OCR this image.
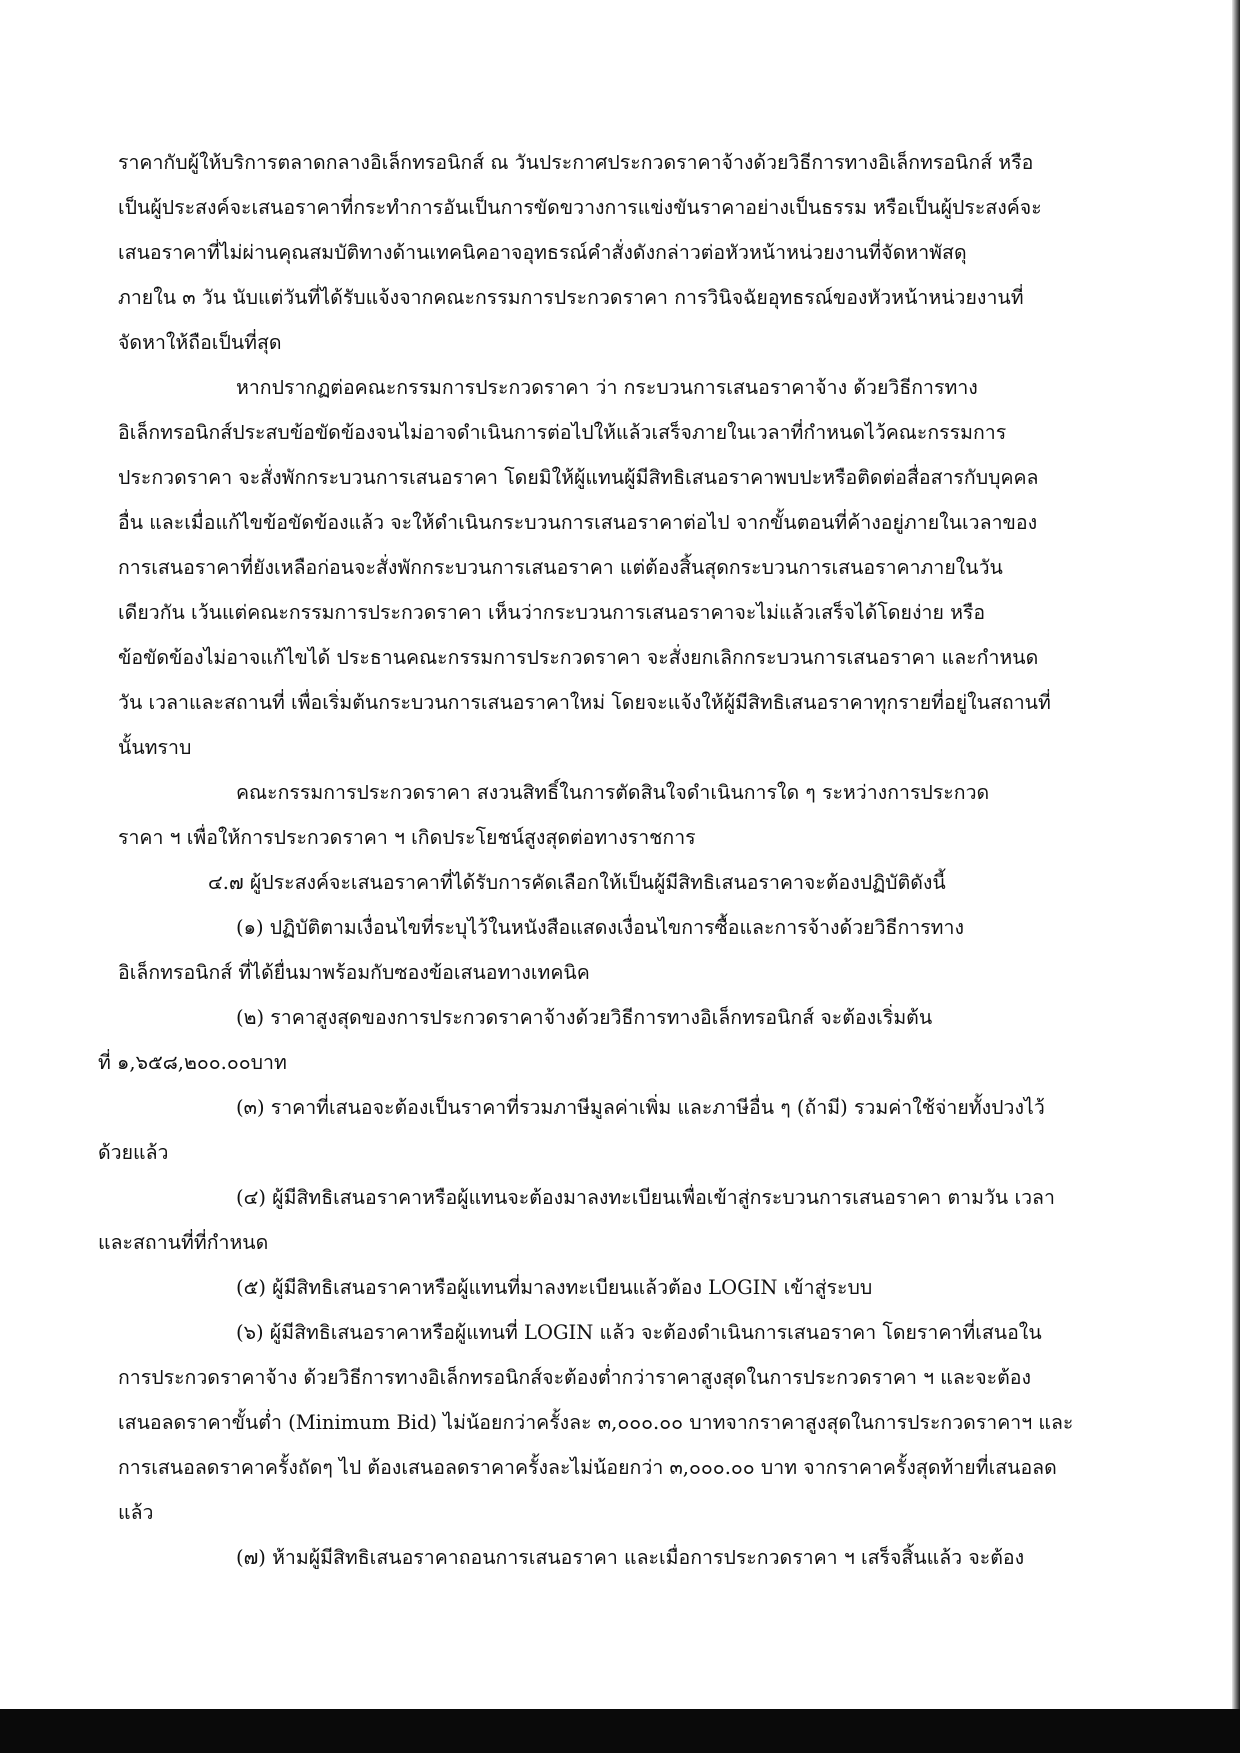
ราคากับผู้ให้บริการตลาดกลางอิเล็กทรอนิกส์ ณ วันประกาศประกวดราคาจ้างด้วยวิธีการทางอิเล็กทรอนิกส์ หรือ
เป็นผู้ประสงค์จะเสนอราคาที่กระทำการอันเป็นการขัดขวางการแข่งขันราคาอย่างเป็นธรรม หรือเป็นผู้ประสงค์จะ
เสนอราคาที่ไม่ผ่านคุณสมบัติทางด้านเทคนิคอาจอุทธรณ์คำสั่งดังกล่าวต่อหัวหน้าหน่วยงานที่จัดหาพัสดุ
ภายใน ๓ วัน นับแต่วันที่ได้รับแจ้งจากคณะกรรมการประกวดราคา การวินิจฉัยอุทธรณ์ของหัวหน้าหน่วยงานที่
จัดหาให้ถือเป็นที่สุด
หากปรากฏต่อคณะกรรมการประกวดราคา ว่า กระบวนการเสนอราคาจ้าง ด้วยวิธีการทาง
อิเล็กทรอนิกส์ประสบข้อขัดข้องจนไม่อาจดำเนินการต่อไปให้แล้วเสร็จภายในเวลาที่กำหนดไว้คณะกรรมการ
ประกวดราคา จะสั่งพักกระบวนการเสนอราคา โดยมิให้ผู้แทนผู้มีสิทธิเสนอราคาพบปะหรือติดต่อสื่อสารกับบุคคล
อื่น และเมื่อแก้ไขข้อขัดข้องแล้ว จะให้ดำเนินกระบวนการเสนอราคาต่อไป จากขั้นตอนที่ค้างอยู่ภายในเวลาของ
การเสนอราคาที่ยังเหลือก่อนจะสั่งพักกระบวนการเสนอราคา แต่ต้องสิ้นสุดกระบวนการเสนอราคาภายในวัน
เดียวกัน เว้นแต่คณะกรรมการประกวดราคา เห็นว่ากระบวนการเสนอราคาจะไม่แล้วเสร็จได้โดยง่าย หรือ
ข้อขัดข้องไม่อาจแก้ไขได้ ประธานคณะกรรมการประกวดราคา จะสั่งยกเลิกกระบวนการเสนอราคา และกำหนด
วัน เวลาและสถานที่ เพื่อเริ่มต้นกระบวนการเสนอราคาใหม่ โดยจะแจ้งให้ผู้มีสิทธิเสนอราคาทุกรายที่อยู่ในสถานที่
นั้นทราบ
คณะกรรมการประกวดราคา สงวนสิทธิ์ในการตัดสินใจดำเนินการใด ๆ ระหว่างการประกวด
ราคา ฯ เพื่อให้การประกวดราคา ฯ เกิดประโยชน์สูงสุดต่อทางราชการ
๔.๗ ผู้ประสงค์จะเสนอราคาที่ได้รับการคัดเลือกให้เป็นผู้มีสิทธิเสนอราคาจะต้องปฏิบัติดังนี้
(๑) ปฏิบัติตามเงื่อนไขที่ระบุไว้ในหนังสือแสดงเงื่อนไขการซื้อและการจ้างด้วยวิธีการทาง
อิเล็กทรอนิกส์ ที่ได้ยื่นมาพร้อมกับซองข้อเสนอทางเทคนิค
(๒) ราคาสูงสุดของการประกวดราคาจ้างด้วยวิธีการทางอิเล็กทรอนิกส์ จะต้องเริ่มต้น
ที่ ๑,๖๕๘,๒๐๐.๐๐บาท
(๓) ราคาที่เสนอจะต้องเป็นราคาที่รวมภาษีมูลค่าเพิ่ม และภาษีอื่น ๆ (ถ้ามี) รวมค่าใช้จ่ายทั้งปวงไว้
ด้วยแล้ว
(๔) ผู้มีสิทธิเสนอราคาหรือผู้แทนจะต้องมาลงทะเบียนเพื่อเข้าสู่กระบวนการเสนอราคา ตามวัน เวลา
และสถานที่ที่กำหนด
(๕) ผู้มีสิทธิเสนอราคาหรือผู้แทนที่มาลงทะเบียนแล้วต้อง LOGIN เข้าสู่ระบบ
(๖) ผู้มีสิทธิเสนอราคาหรือผู้แทนที่ LOGIN แล้ว จะต้องดำเนินการเสนอราคา โดยราคาที่เสนอใน
การประกวดราคาจ้าง ด้วยวิธีการทางอิเล็กทรอนิกส์จะต้องต่ำกว่าราคาสูงสุดในการประกวดราคา ฯ และจะต้อง
เสนอลดราคาขั้นต่ำ (Minimum Bid) ไม่น้อยกว่าครั้งละ ๓,๐๐๐.๐๐ บาทจากราคาสูงสุดในการประกวดราคาฯ และ
การเสนอลดราคาครั้งถัดๆ ไป ต้องเสนอลดราคาครั้งละไม่น้อยกว่า ๓,๐๐๐.๐๐ บาท จากราคาครั้งสุดท้ายที่เสนอลด
แล้ว
(๗) ห้ามผู้มีสิทธิเสนอราคาถอนการเสนอราคา และเมื่อการประกวดราคา ฯ เสร็จสิ้นแล้ว จะต้อง
